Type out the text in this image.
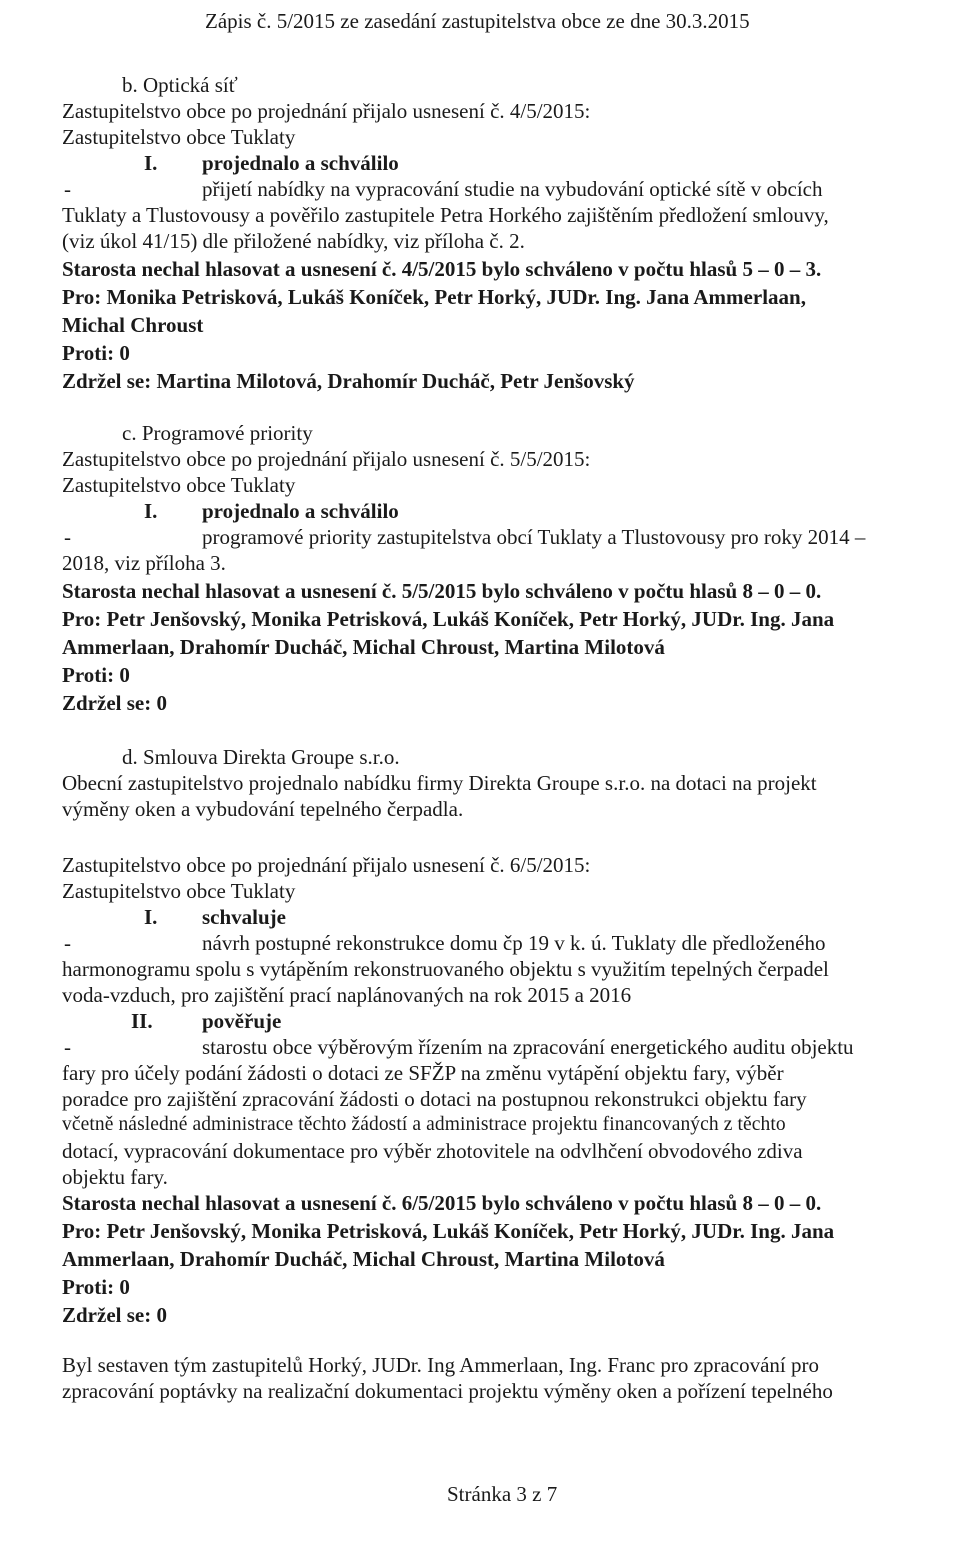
Zápis č. 5/2015 ze zasedání zastupitelstva obce ze dne 30.3.2015
b. Optická síť
Zastupitelstvo obce po projednání přijalo usnesení č. 4/5/2015:
Zastupitelstvo obce Tuklaty
I. projednalo a schválilo
-	přijetí nabídky na vypracování studie na vybudování optické sítě v obcích
Tuklaty a Tlustovousy a pověřilo zastupitele Petra Horkého zajištěním předložení smlouvy,
(viz úkol 41/15) dle přiložené nabídky, viz příloha č. 2.
Starosta nechal hlasovat a usnesení č. 4/5/2015 bylo schváleno v počtu hlasů 5 – 0 – 3.
Pro: Monika Petrisková, Lukáš Koníček, Petr Horký, JUDr. Ing. Jana Ammerlaan,
Michal Chroust
Proti: 0
Zdržel se: Martina Milotová, Drahomír Ducháč, Petr Jenšovský
c. Programové priority
Zastupitelstvo obce po projednání přijalo usnesení č. 5/5/2015:
Zastupitelstvo obce Tuklaty
I. projednalo a schválilo
-	programové priority zastupitelstva obcí Tuklaty a Tlustovousy pro roky 2014 –
2018, viz příloha 3.
Starosta nechal hlasovat a usnesení č. 5/5/2015 bylo schváleno v počtu hlasů 8 – 0 – 0.
Pro: Petr Jenšovský, Monika Petrisková, Lukáš Koníček, Petr Horký, JUDr. Ing. Jana
Ammerlaan, Drahomír Ducháč, Michal Chroust, Martina Milotová
Proti: 0
Zdržel se: 0
d. Smlouva Direkta Groupe s.r.o.
Obecní zastupitelstvo projednalo nabídku firmy Direkta Groupe s.r.o. na dotaci na projekt
výměny oken a vybudování tepelného čerpadla.
Zastupitelstvo obce po projednání přijalo usnesení č. 6/5/2015:
Zastupitelstvo obce Tuklaty
I. schvaluje
-	návrh postupné rekonstrukce domu čp 19 v k. ú. Tuklaty dle předloženého
harmonogramu spolu s vytápěním rekonstruovaného objektu s využitím tepelných čerpadel
voda-vzduch, pro zajištění prací naplánovaných na rok 2015 a 2016
II. pověřuje
-	starostu obce výběrovým řízením na zpracování energetického auditu objektu
fary pro účely podání žádosti o dotaci ze SFŽP na změnu vytápění objektu fary, výběr
poradce pro zajištění zpracování žádosti o dotaci na postupnou rekonstrukci objektu fary
včetně následné administrace těchto žádostí a administrace projektu financovaných z těchto
dotací, vypracování dokumentace pro výběr zhotovitele na odvlhčení obvodového zdiva
objektu fary.
Starosta nechal hlasovat a usnesení č. 6/5/2015 bylo schváleno v počtu hlasů 8 – 0 – 0.
Pro: Petr Jenšovský, Monika Petrisková, Lukáš Koníček, Petr Horký, JUDr. Ing. Jana
Ammerlaan, Drahomír Ducháč, Michal Chroust, Martina Milotová
Proti: 0
Zdržel se: 0
Byl sestaven tým zastupitelů Horký, JUDr. Ing Ammerlaan, Ing. Franc pro zpracování pro
zpracování poptávky na realizační dokumentaci projektu výměny oken a pořízení tepelného
Stránka 3 z 7
